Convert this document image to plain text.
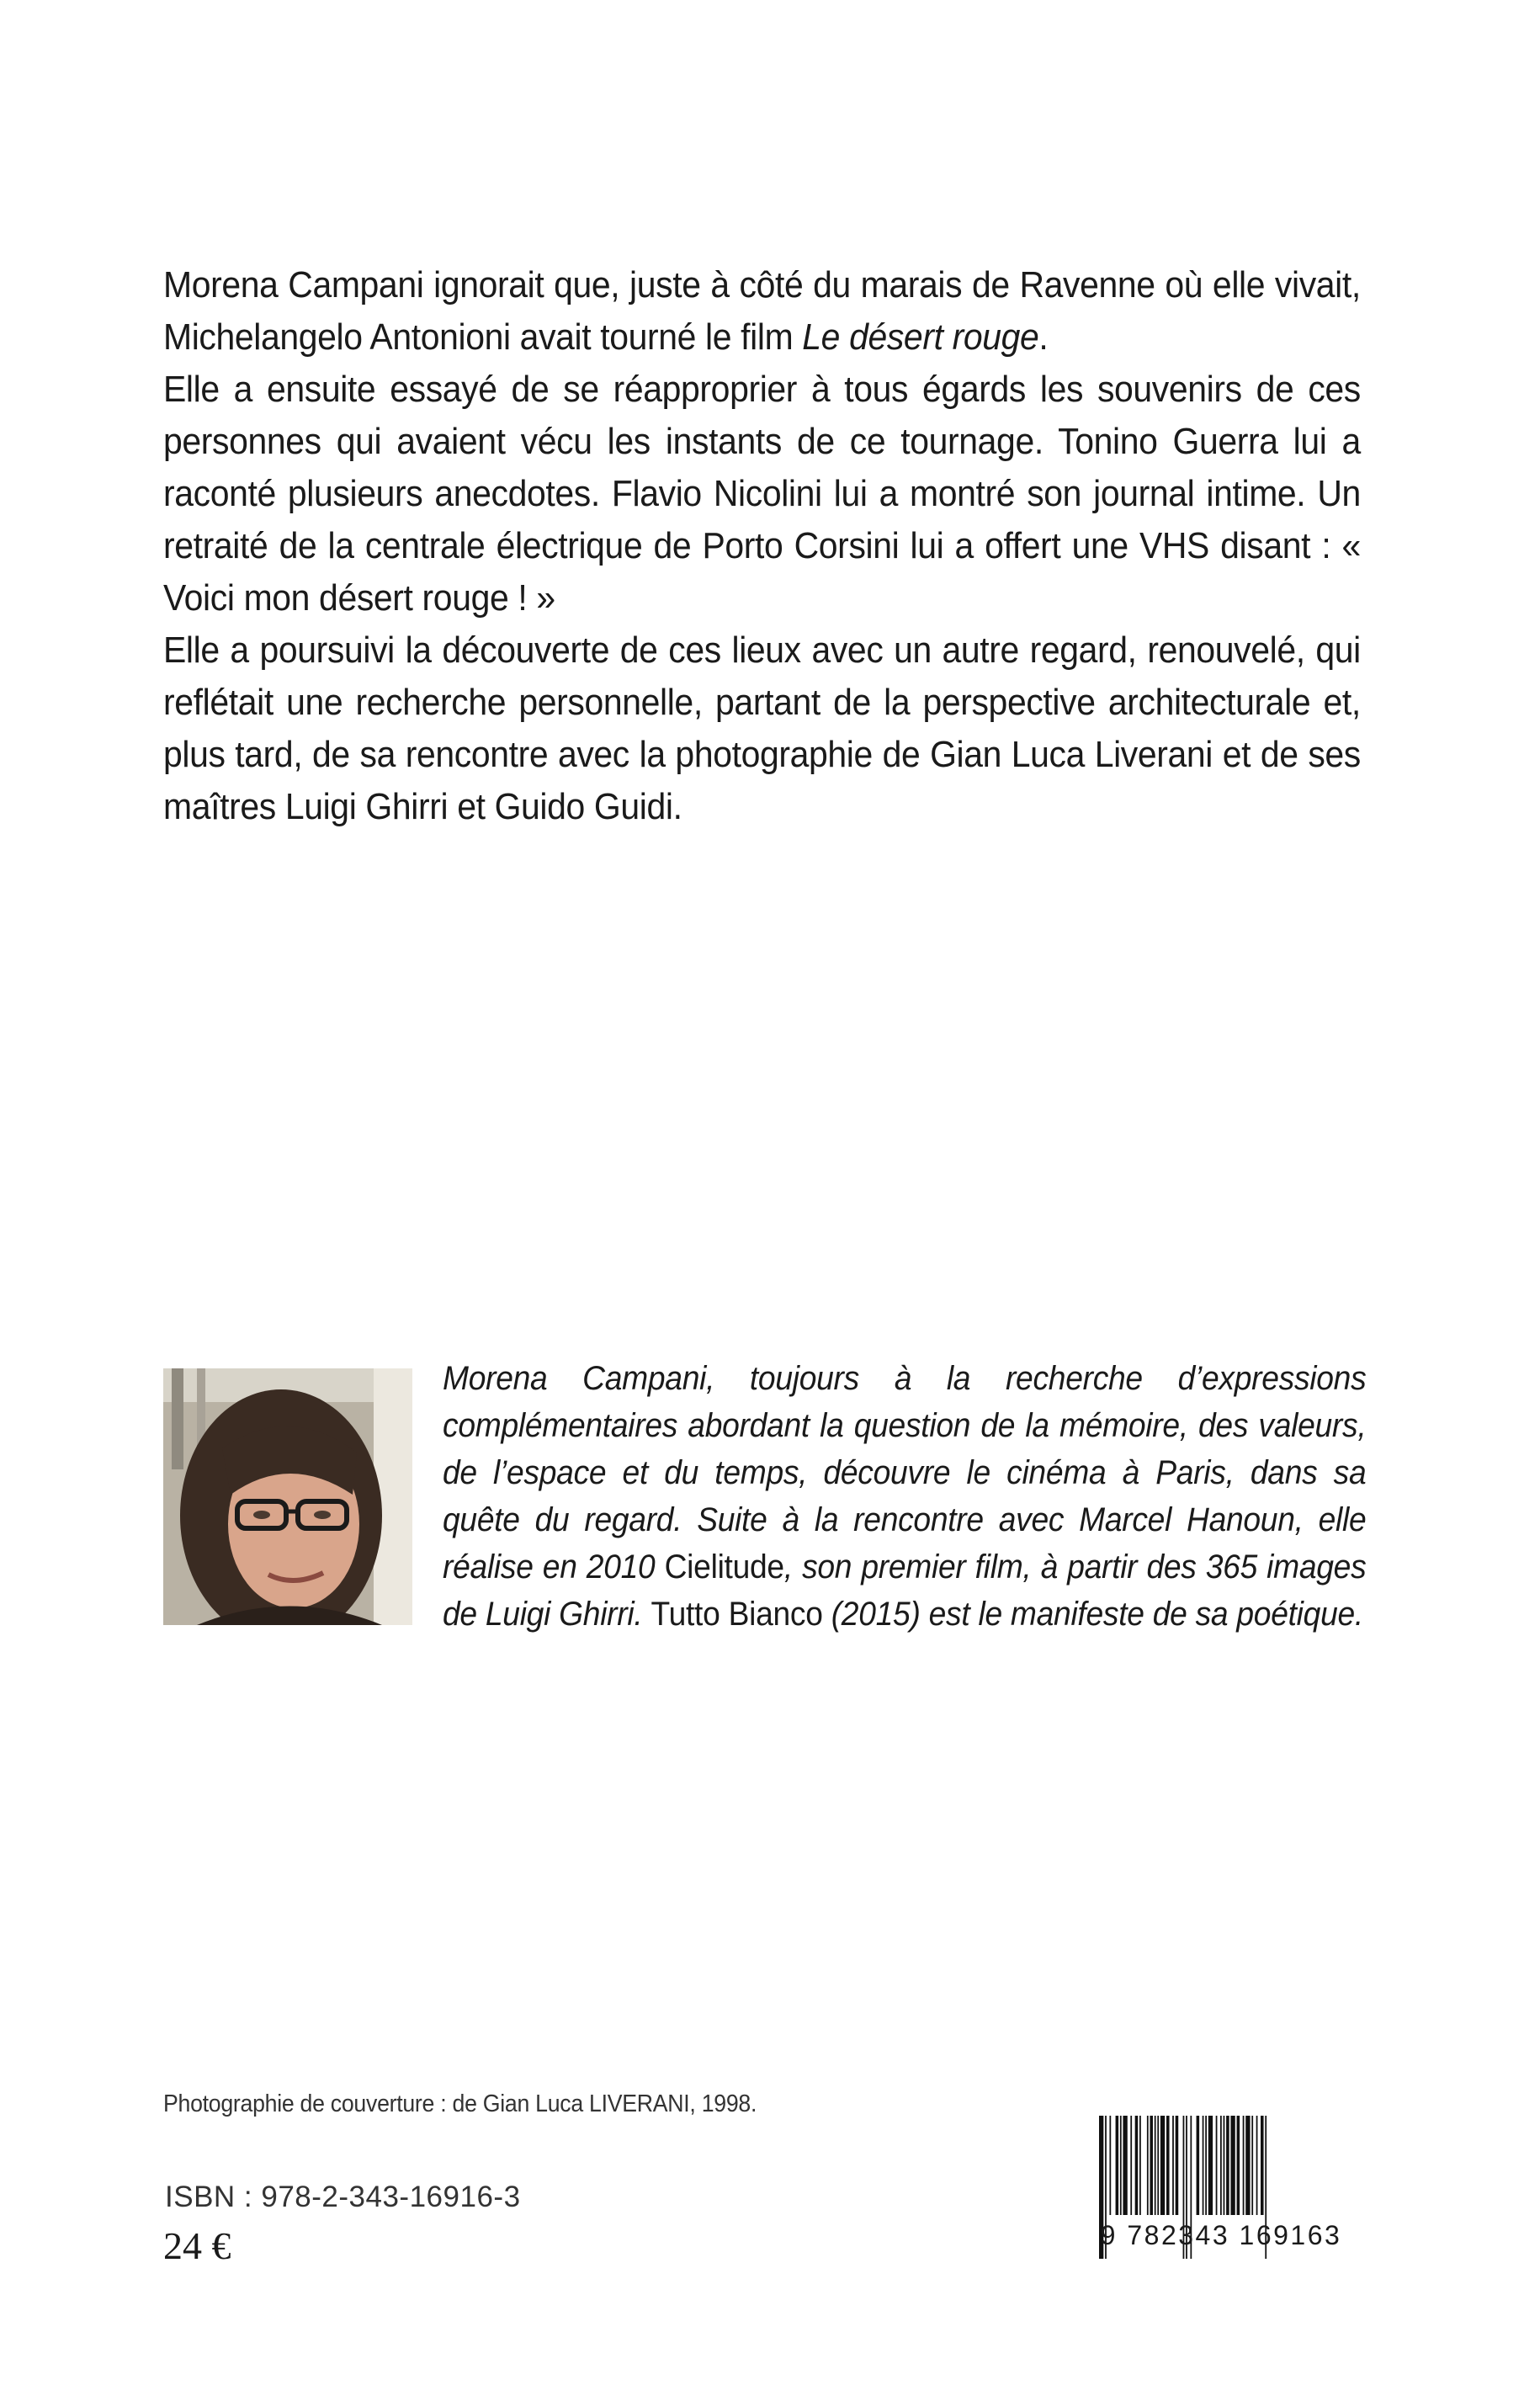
Morena Campani ignorait que, juste à côté du marais de Ravenne où elle vivait, Michelangelo Antonioni avait tourné le film Le désert rouge.

Elle a ensuite essayé de se réapproprier à tous égards les souvenirs de ces personnes qui avaient vécu les instants de ce tournage. Tonino Guerra lui a raconté plusieurs anecdotes. Flavio Nicolini lui a montré son journal intime. Un retraité de la centrale électrique de Porto Corsini lui a offert une VHS disant : « Voici mon désert rouge ! »

Elle a poursuivi la découverte de ces lieux avec un autre regard, renouvelé, qui reflétait une recherche personnelle, partant de la perspective architecturale et, plus tard, de sa rencontre avec la photographie de Gian Luca Liverani et de ses maîtres Luigi Ghirri et Guido Guidi.

Morena Campani, toujours à la recherche d’expressions complémentaires abordant la question de la mémoire, des valeurs, de l’espace et du temps, découvre le cinéma à Paris, dans sa quête du regard. Suite à la rencontre avec Marcel Hanoun, elle réalise en 2010 Cielitude, son premier film, à partir des 365 images de Luigi Ghirri. Tutto Bianco (2015) est le manifeste de sa poétique.

Photographie de couverture : de Gian Luca LIVERANI, 1998.
ISBN : 978-2-343-16916-3
24 €	9 782343 169163
